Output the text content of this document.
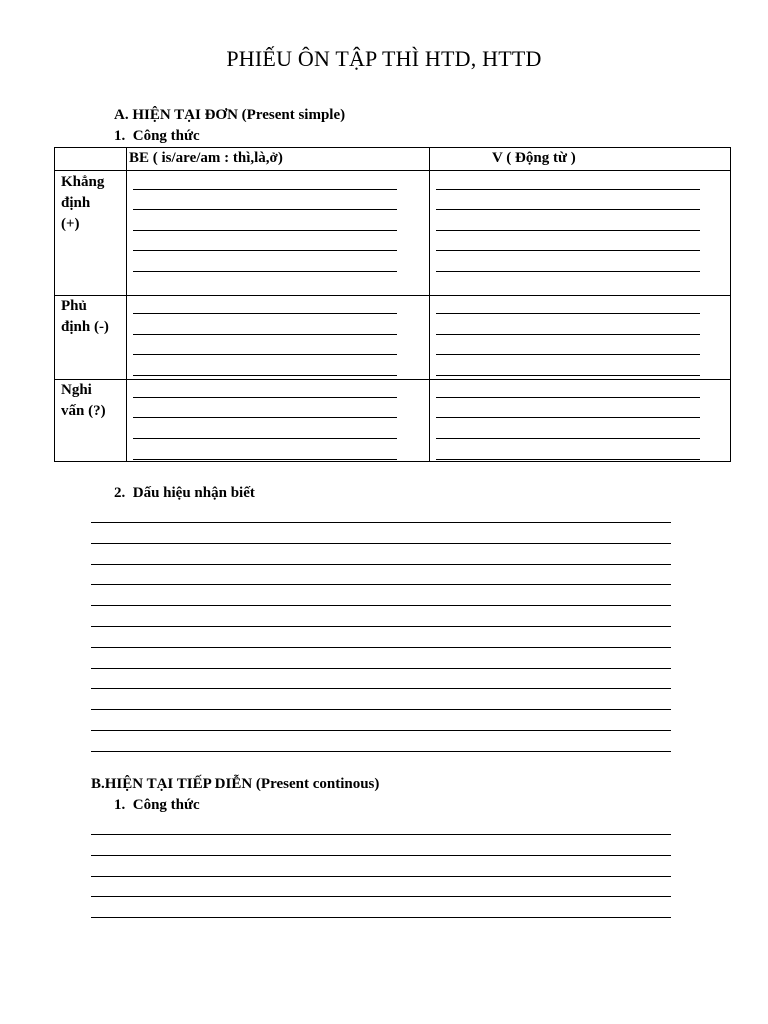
PHIẾU ÔN TẬP THÌ HTD, HTTD
A. HIỆN TẠI ĐƠN (Present simple)
1. Công thức
BE ( is/are/am : thì,là,ở)	V ( Động từ )
Khẳng
định
(+)
Phủ
định (-)
Nghi
vấn (?)
2. Dấu hiệu nhận biết
B.HIỆN TẠI TIẾP DIỄN (Present continous)
1. Công thức
